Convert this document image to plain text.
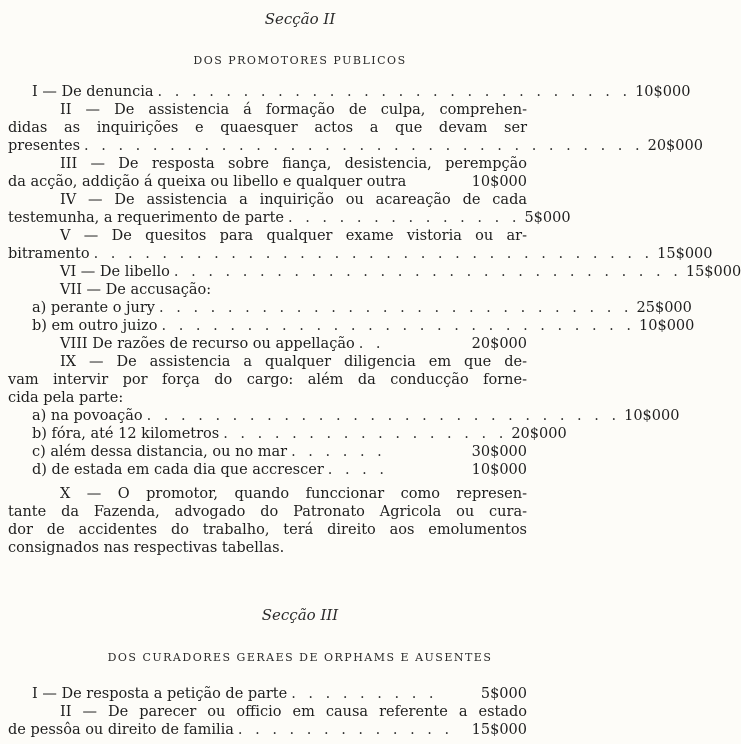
Secção II
DOS PROMOTORES PUBLICOS
I — De denuncia . . . . . . . . . . . . . . . . . . . . . . . . . . . . 10$000
II — De assistencia á formação de culpa, comprehen-
didas as inquirições e quaesquer actos a que devam ser
presentes . . . . . . . . . . . . . . . . . . . . . . . . . . . . . . . . . 20$000
III — De resposta sobre fiança, desistencia, perempção
da acção, addição á queixa ou libello e qualquer outra	10$000
IV — De assistencia a inquirição ou acareação de cada
testemunha, a requerimento de parte . . . . . . . . . . . . . . 5$000
V — De quesitos para qualquer exame vistoria ou ar-
bitramento . . . . . . . . . . . . . . . . . . . . . . . . . . . . . . . . . 15$000
VI — De libello . . . . . . . . . . . . . . . . . . . . . . . . . . . . . . 15$000
VII — De accusação:
a) perante o jury . . . . . . . . . . . . . . . . . . . . . . . . . . . . 25$000
b) em outro juizo . . . . . . . . . . . . . . . . . . . . . . . . . . . . 10$000
VIII De razões de recurso ou appellação . .	20$000
IX — De assistencia a qualquer diligencia em que de-
vam intervir por força do cargo: além da conducção forne-
cida pela parte:
a) na povoação . . . . . . . . . . . . . . . . . . . . . . . . . . . . 10$000
b) fóra, até 12 kilometros . . . . . . . . . . . . . . . . . 20$000
c) além dessa distancia, ou no mar . . . . . .	30$000
d) de estada em cada dia que accrescer . . . .	10$000
X — O promotor, quando funccionar como represen-
tante da Fazenda, advogado do Patronato Agricola ou cura-
dor de accidentes do trabalho, terá direito aos emolumentos
consignados nas respectivas tabellas.
Secção III
DOS CURADORES GERAES DE ORPHAMS E AUSENTES
I — De resposta a petição de parte . . . . . . . . .	5$000
II — De parecer ou officio em causa referente a estado
de pessôa ou direito de familia . . . . . . . . . . . . .	15$000
